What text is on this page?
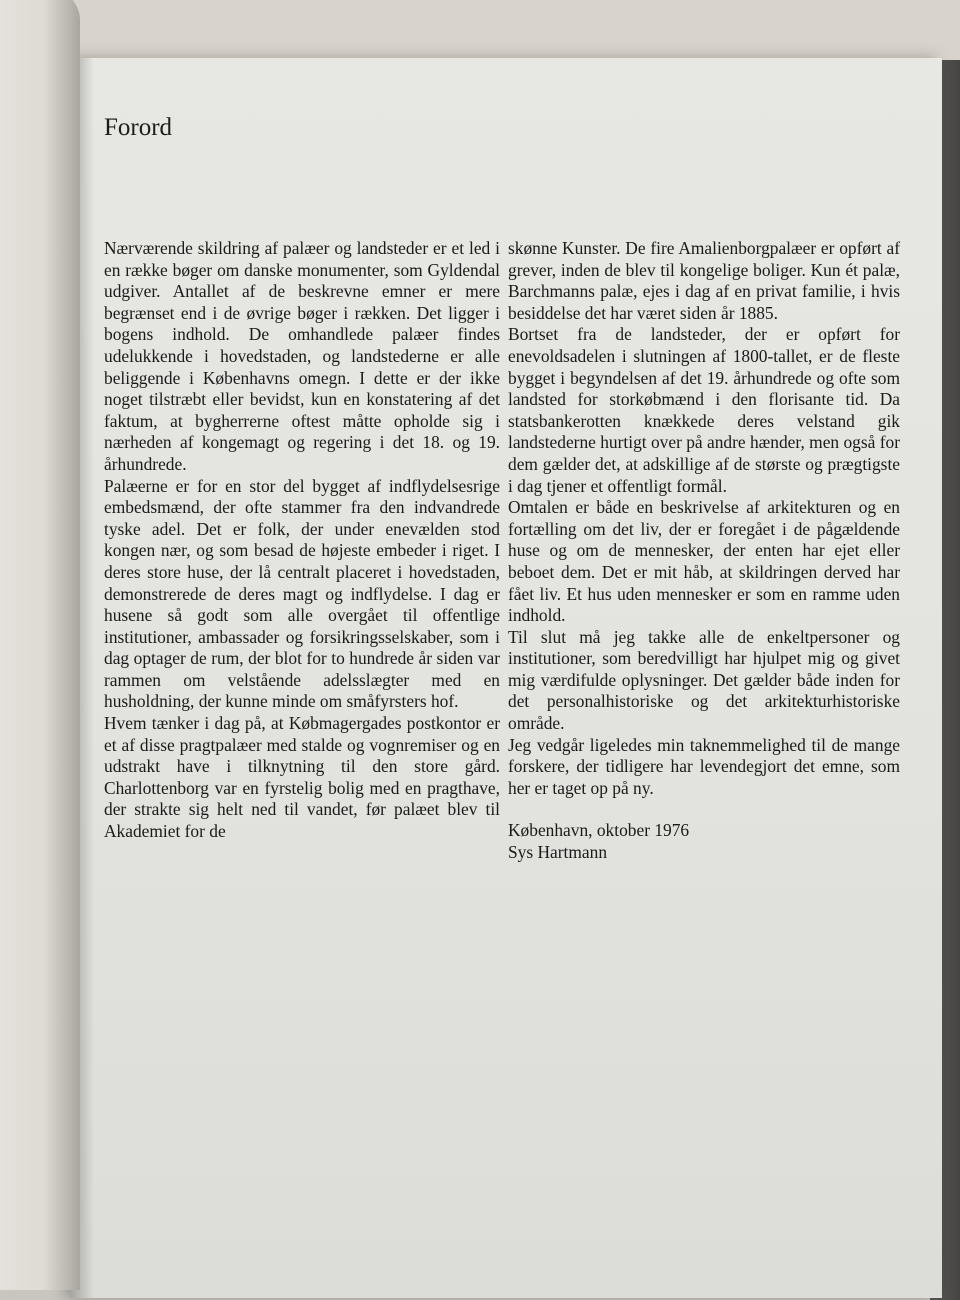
Forord

Nærværende skildring af palæer og landsteder er et led i en række bøger om danske monumenter, som Gyldendal udgiver. Antallet af de beskrevne emner er mere begrænset end i de øvrige bøger i rækken. Det ligger i bogens indhold. De omhandlede palæer findes udelukkende i hovedstaden, og landstederne er alle beliggende i Københavns omegn. I dette er der ikke noget tilstræbt eller bevidst, kun en konstatering af det faktum, at bygherrerne oftest måtte opholde sig i nærheden af kongemagt og regering i det 18. og 19. århundrede.

Palæerne er for en stor del bygget af indflydelsesrige embedsmænd, der ofte stammer fra den indvandrede tyske adel. Det er folk, der under enevælden stod kongen nær, og som besad de højeste embeder i riget. I deres store huse, der lå centralt placeret i hovedstaden, demonstrerede de deres magt og indflydelse. I dag er husene så godt som alle overgået til offentlige institutioner, ambassader og forsikringsselskaber, som i dag optager de rum, der blot for to hundrede år siden var rammen om velstående adelsslægter med en husholdning, der kunne minde om småfyrsters hof.

Hvem tænker i dag på, at Købmagergades postkontor er et af disse pragtpalæer med stalde og vognremiser og en udstrakt have i tilknytning til den store gård. Charlottenborg var en fyrstelig bolig med en pragthave, der strakte sig helt ned til vandet, før palæet blev til Akademiet for de

skønne Kunster. De fire Amalienborgpalæer er opført af grever, inden de blev til kongelige boliger. Kun ét palæ, Barchmanns palæ, ejes i dag af en privat familie, i hvis besiddelse det har været siden år 1885.

Bortset fra de landsteder, der er opført for enevoldsadelen i slutningen af 1800-tallet, er de fleste bygget i begyndelsen af det 19. århundrede og ofte som landsted for storkøbmænd i den florisante tid. Da statsbankerotten knækkede deres velstand gik landstederne hurtigt over på andre hænder, men også for dem gælder det, at adskillige af de største og prægtigste i dag tjener et offentligt formål.

Omtalen er både en beskrivelse af arkitekturen og en fortælling om det liv, der er foregået i de pågældende huse og om de mennesker, der enten har ejet eller beboet dem. Det er mit håb, at skildringen derved har fået liv. Et hus uden mennesker er som en ramme uden indhold.

Til slut må jeg takke alle de enkeltpersoner og institutioner, som beredvilligt har hjulpet mig og givet mig værdifulde oplysninger. Det gælder både inden for det personalhistoriske og det arkitekturhistoriske område.

Jeg vedgår ligeledes min taknemmelighed til de mange forskere, der tidligere har levendegjort det emne, som her er taget op på ny.

København, oktober 1976

Sys Hartmann
